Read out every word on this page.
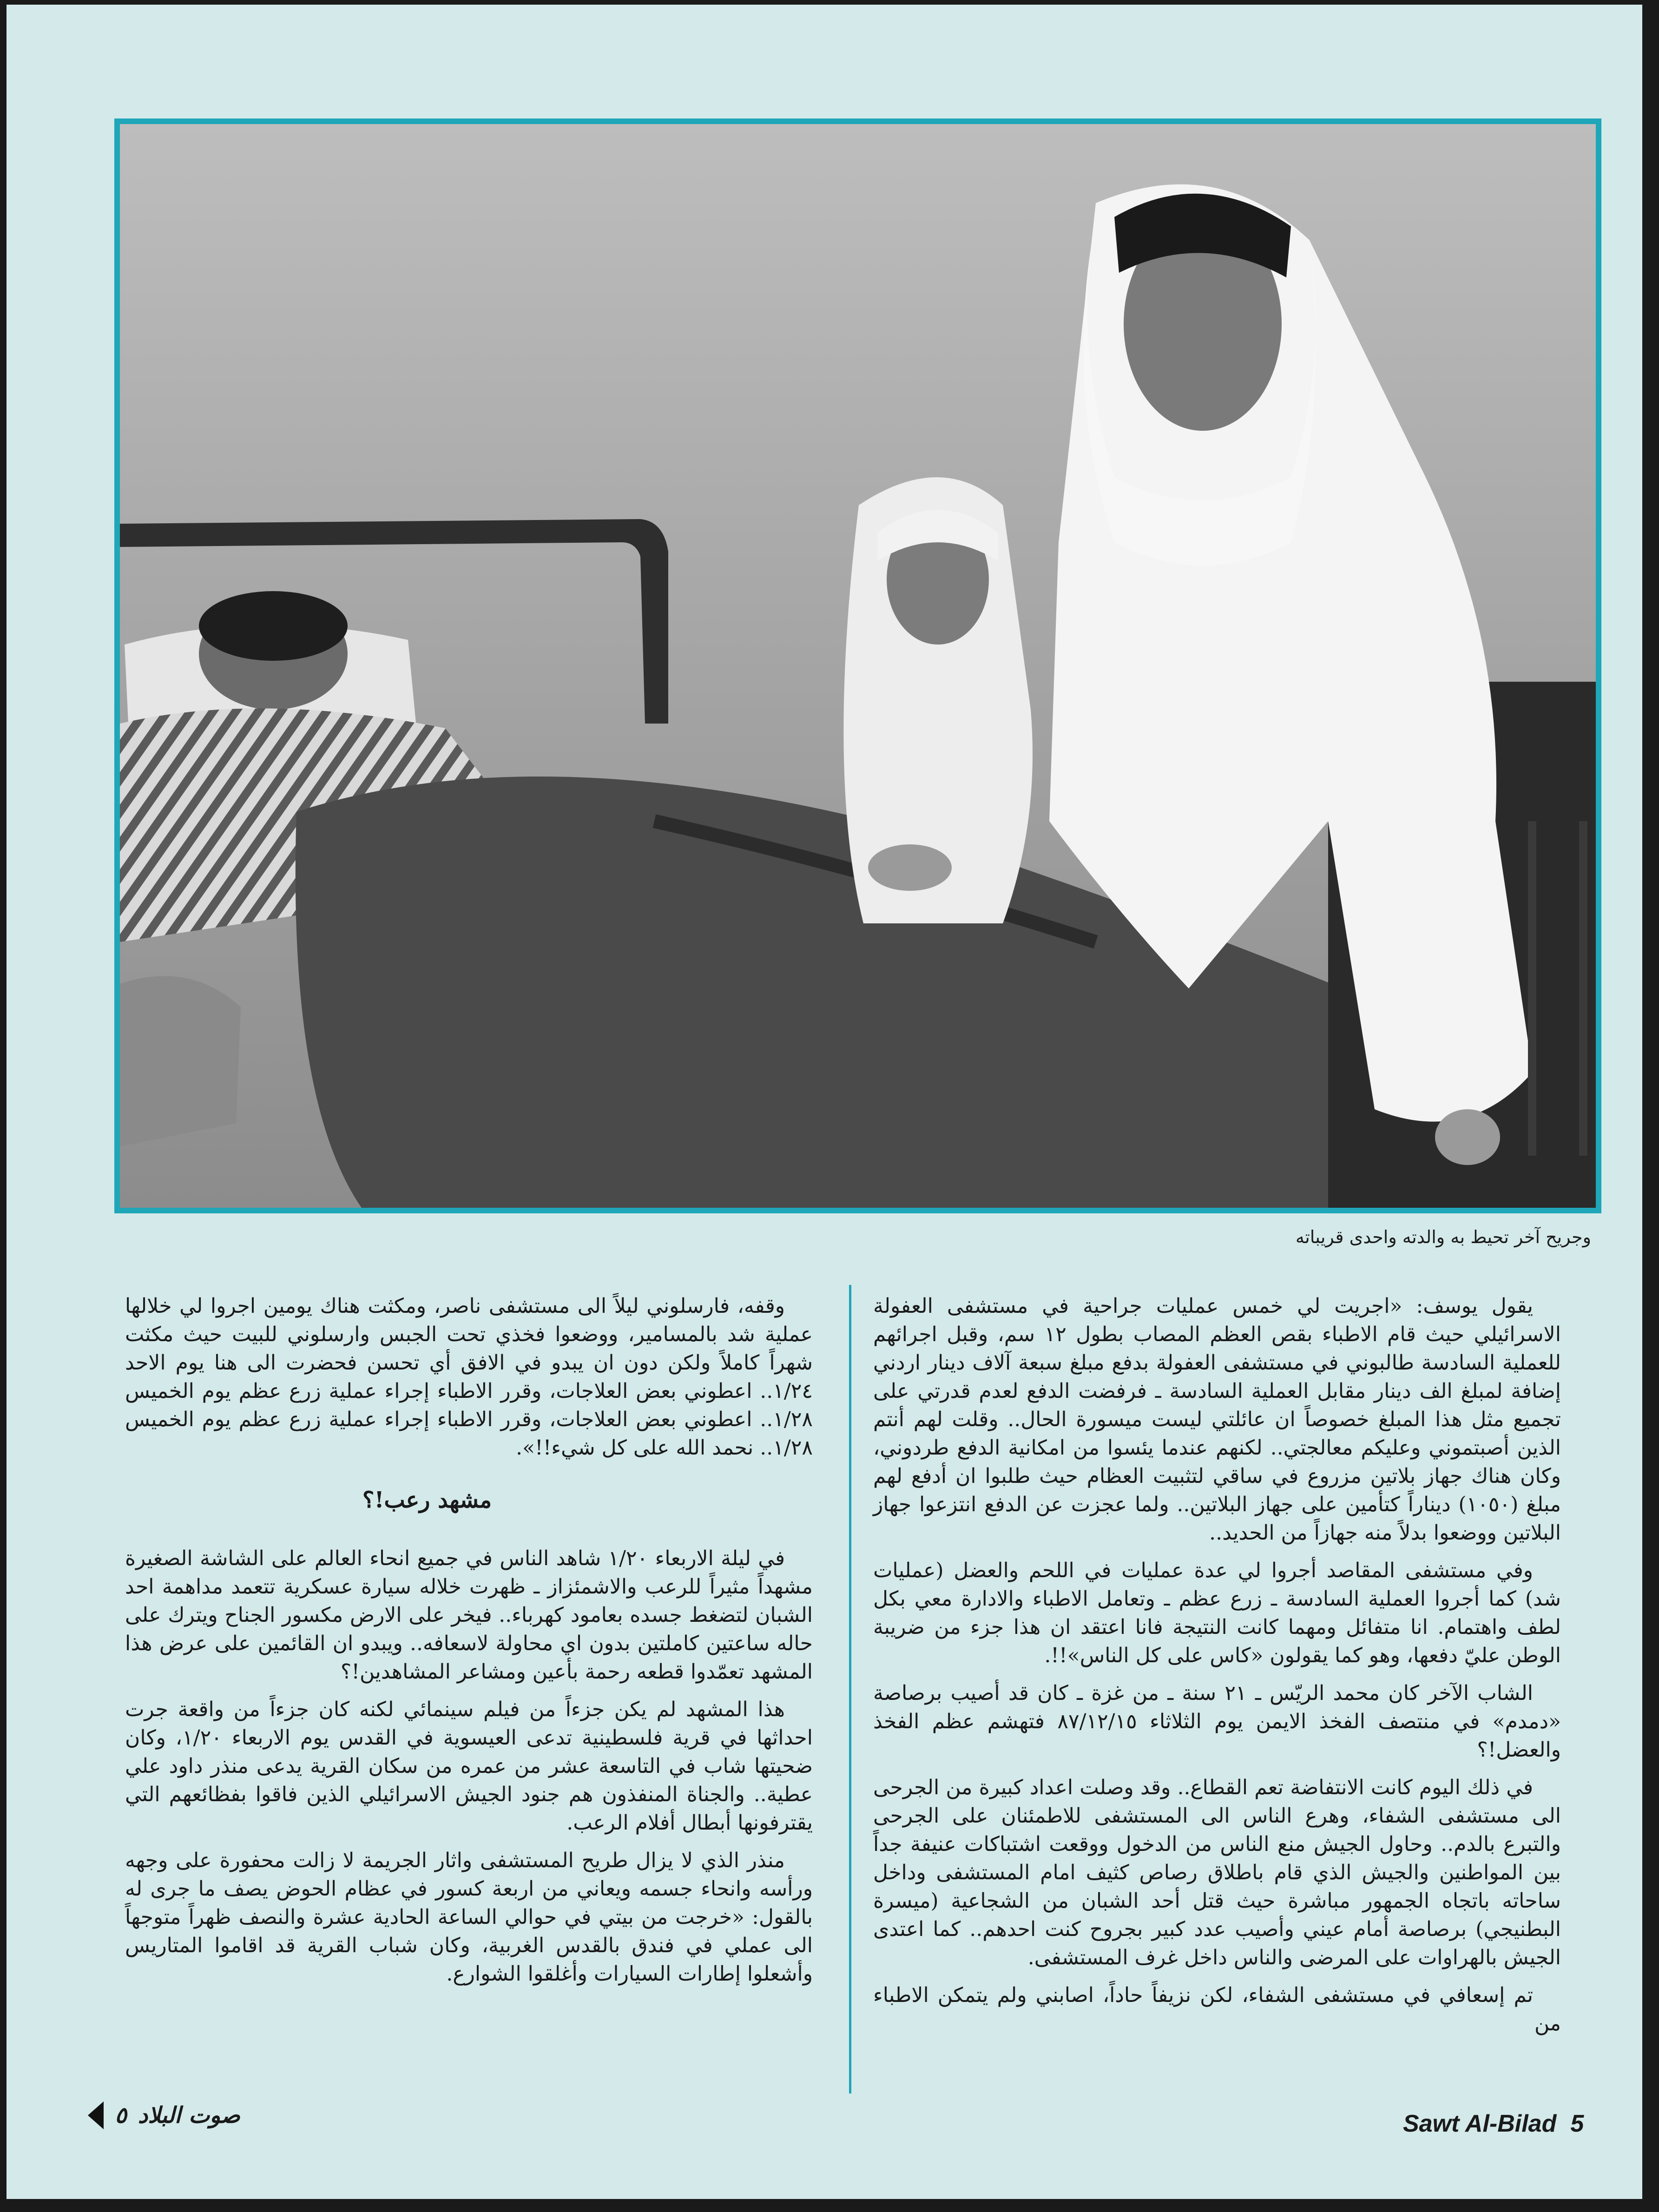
وجريح آخر تحيط به والدته واحدى قريباته

يقول يوسف: «اجريت لي خمس عمليات جراحية في مستشفى العفولة الاسرائيلي حيث قام الاطباء بقص العظم المصاب بطول ١٢ سم، وقبل اجرائهم للعملية السادسة طالبوني في مستشفى العفولة بدفع مبلغ سبعة آلاف دينار اردني إضافة لمبلغ الف دينار مقابل العملية السادسة ـ فرفضت الدفع لعدم قدرتي على تجميع مثل هذا المبلغ خصوصاً ان عائلتي ليست ميسورة الحال.. وقلت لهم أنتم الذين أصبتموني وعليكم معالجتي.. لكنهم عندما يئسوا من امكانية الدفع طردوني، وكان هناك جهاز بلاتين مزروع في ساقي لتثبيت العظام حيث طلبوا ان أدفع لهم مبلغ (١٠٥٠) ديناراً كتأمين على جهاز البلاتين.. ولما عجزت عن الدفع انتزعوا جهاز البلاتين ووضعوا بدلاً منه جهازاً من الحديد..

وفي مستشفى المقاصد أجروا لي عدة عمليات في اللحم والعضل (عمليات شد) كما أجروا العملية السادسة ـ زرع عظم ـ وتعامل الاطباء والادارة معي بكل لطف واهتمام. انا متفائل ومهما كانت النتيجة فانا اعتقد ان هذا جزء من ضريبة الوطن عليّ دفعها، وهو كما يقولون «كاس على كل الناس»!!.

الشاب الآخر كان محمد الريّس ـ ٢١ سنة ـ من غزة ـ كان قد أصيب برصاصة «دمدم» في منتصف الفخذ الايمن يوم الثلاثاء ٨٧/١٢/١٥ فتهشم عظم الفخذ والعضل!؟

في ذلك اليوم كانت الانتفاضة تعم القطاع.. وقد وصلت اعداد كبيرة من الجرحى الى مستشفى الشفاء، وهرع الناس الى المستشفى للاطمئنان على الجرحى والتبرع بالدم.. وحاول الجيش منع الناس من الدخول ووقعت اشتباكات عنيفة جداً بين المواطنين والجيش الذي قام باطلاق رصاص كثيف امام المستشفى وداخل ساحاته باتجاه الجمهور مباشرة حيث قتل أحد الشبان من الشجاعية (ميسرة البطنيجي) برصاصة أمام عيني وأصيب عدد كبير بجروح كنت احدهم.. كما اعتدى الجيش بالهراوات على المرضى والناس داخل غرف المستشفى.

تم إسعافي في مستشفى الشفاء، لكن نزيفاً حاداً، اصابني ولم يتمكن الاطباء من

وقفه، فارسلوني ليلاً الى مستشفى ناصر، ومكثت هناك يومين اجروا لي خلالها عملية شد بالمسامير، ووضعوا فخذي تحت الجبس وارسلوني للبيت حيث مكثت شهراً كاملاً ولكن دون ان يبدو في الافق أي تحسن فحضرت الى هنا يوم الاحد ١/٢٤.. اعطوني بعض العلاجات، وقرر الاطباء إجراء عملية زرع عظم يوم الخميس ١/٢٨.. اعطوني بعض العلاجات، وقرر الاطباء إجراء عملية زرع عظم يوم الخميس ١/٢٨.. نحمد الله على كل شيء!!».

مشهد رعب!؟

في ليلة الاربعاء ١/٢٠ شاهد الناس في جميع انحاء العالم على الشاشة الصغيرة مشهداً مثيراً للرعب والاشمئزاز ـ ظهرت خلاله سيارة عسكرية تتعمد مداهمة احد الشبان لتضغط جسده بعامود كهرباء.. فيخر على الارض مكسور الجناح ويترك على حاله ساعتين كاملتين بدون اي محاولة لاسعافه.. ويبدو ان القائمين على عرض هذا المشهد تعمّدوا قطعه رحمة بأعين ومشاعر المشاهدين!؟

هذا المشهد لم يكن جزءاً من فيلم سينمائي لكنه كان جزءاً من واقعة جرت احداثها في قرية فلسطينية تدعى العيسوية في القدس يوم الاربعاء ١/٢٠، وكان ضحيتها شاب في التاسعة عشر من عمره من سكان القرية يدعى منذر داود علي عطية.. والجناة المنفذون هم جنود الجيش الاسرائيلي الذين فاقوا بفظائعهم التي يقترفونها أبطال أفلام الرعب.

منذر الذي لا يزال طريح المستشفى واثار الجريمة لا زالت محفورة على وجهه ورأسه وانحاء جسمه ويعاني من اربعة كسور في عظام الحوض يصف ما جرى له بالقول: «خرجت من بيتي في حوالي الساعة الحادية عشرة والنصف ظهراً متوجهاً الى عملي في فندق بالقدس الغربية، وكان شباب القرية قد اقاموا المتاريس وأشعلوا إطارات السيارات وأغلقوا الشوارع.

٥ صوت البلاد	Sawt Al-Bilad 5
